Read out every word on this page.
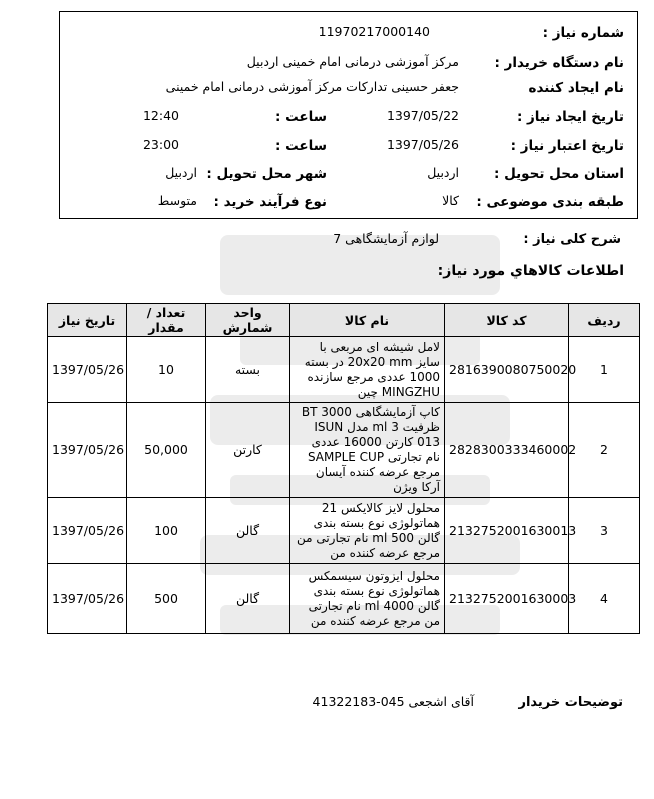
شماره نیاز :
11970217000140
نام دستگاه خریدار :
مرکز آموزشی درمانی امام خمینی اردبیل
نام ایجاد کننده
جعفر حسینی تدارکات مرکز آموزشی درمانی امام خمینی
تاریخ ایجاد نیاز :
1397/05/22
ساعت :
12:40
تاریخ اعتبار نیاز :
1397/05/26
ساعت :
23:00
استان محل تحویل :
اردبیل
شهر محل تحویل :
اردبیل
طبقه بندی موضوعی :
کالا
نوع فرآیند خرید :
متوسط
شرح کلی نیاز :
لوازم آزمایشگاهی 7
اطلاعات کالاهاي مورد نياز:
رديف	کد کالا	نام کالا	واحد شمارش	تعداد / مقدار	تاریخ نیاز
1	2816390080750020	لامل شیشه ای مربعی با سایز 20x20 mm در بسته 1000 عددی مرجع سازنده MINGZHU چین	بسته	10	1397/05/26
2	2828300333460002	کاپ آزمایشگاهی BT 3000 ظرفیت 3 ml مدل ISUN 013 کارتن 16000 عددی نام تجارتی SAMPLE CUP مرجع عرضه کننده آیسان آرکا ویژن	کارتن	50,000	1397/05/26
3	2132752001630013	محلول لایز کالایکس 21 هماتولوژی نوع بسته بندی گالن 500 ml نام تجارتی من مرجع عرضه کننده من	گالن	100	1397/05/26
4	2132752001630003	محلول ایزوتون سیسمکس هماتولوژی نوع بسته بندی گالن 4000 ml نام تجارتی من مرجع عرضه کننده من	گالن	500	1397/05/26
توضیحات خریدار
آقای اشجعی 045-41322183
